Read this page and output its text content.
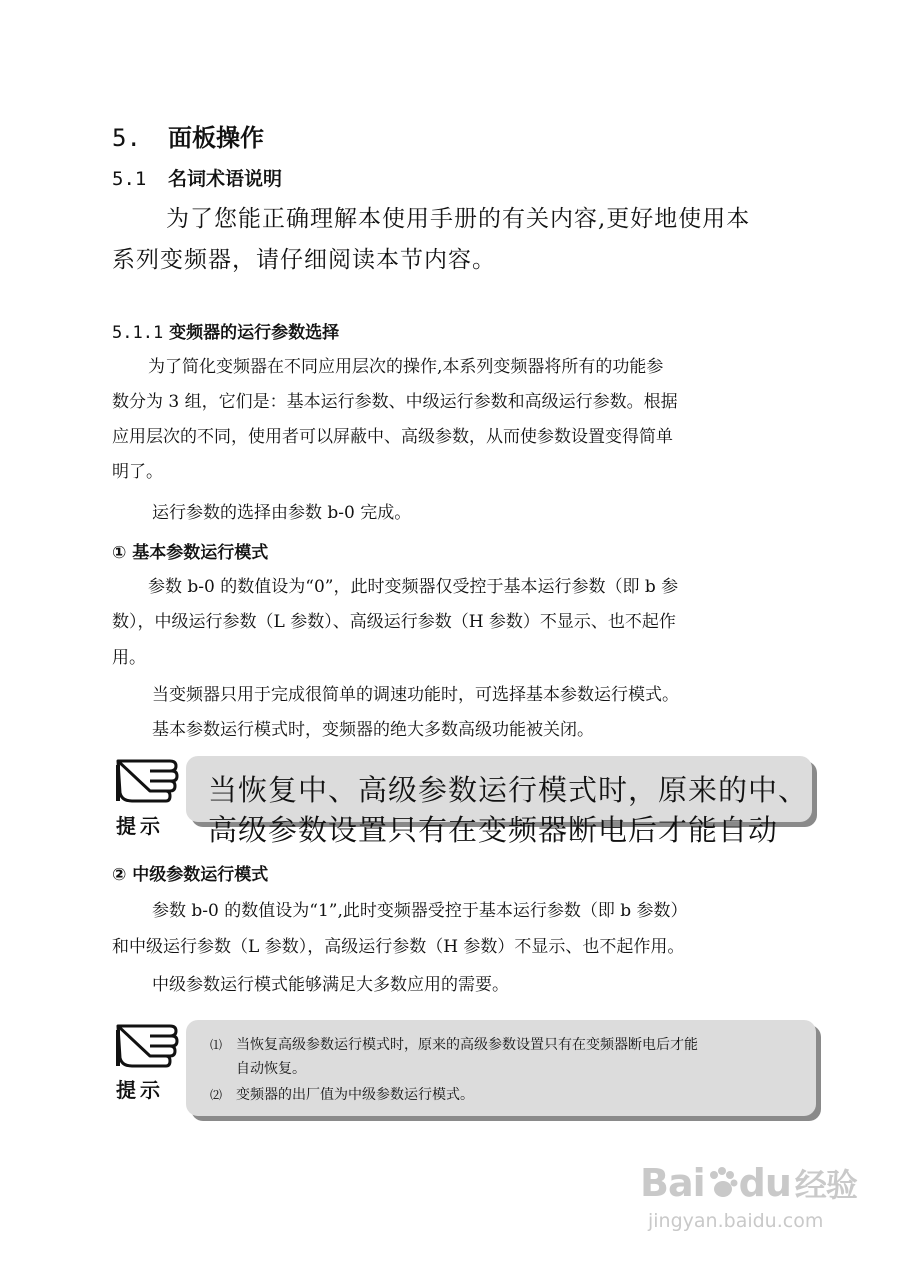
5. 面板操作
5.1 名词术语说明
为了您能正确理解本使用手册的有关内容,更好地使用本
系列变频器，请仔细阅读本节内容。
5.1.1 变频器的运行参数选择
为了简化变频器在不同应用层次的操作,本系列变频器将所有的功能参
数分为 3 组，它们是：基本运行参数、中级运行参数和高级运行参数。根据
应用层次的不同，使用者可以屏蔽中、高级参数，从而使参数设置变得简单
明了。
运行参数的选择由参数 b-0 完成。
① 基本参数运行模式
参数 b-0 的数值设为“0”，此时变频器仅受控于基本运行参数（即 b 参
数），中级运行参数（L 参数）、高级运行参数（H 参数）不显示、也不起作
用。
当变频器只用于完成很简单的调速功能时，可选择基本参数运行模式。
基本参数运行模式时，变频器的绝大多数高级功能被关闭。
提示
当恢复中、高级参数运行模式时，原来的中、
高级参数设置只有在变频器断电后才能自动
② 中级参数运行模式
参数 b-0 的数值设为“1”,此时变频器受控于基本运行参数（即 b 参数）
和中级运行参数（L 参数），高级运行参数（H 参数）不显示、也不起作用。
中级参数运行模式能够满足大多数应用的需要。
提示
⑴ 当恢复高级参数运行模式时，原来的高级参数设置只有在变频器断电后才能
自动恢复。
⑵ 变频器的出厂值为中级参数运行模式。
Bai du 经验
jingyan.baidu.com
